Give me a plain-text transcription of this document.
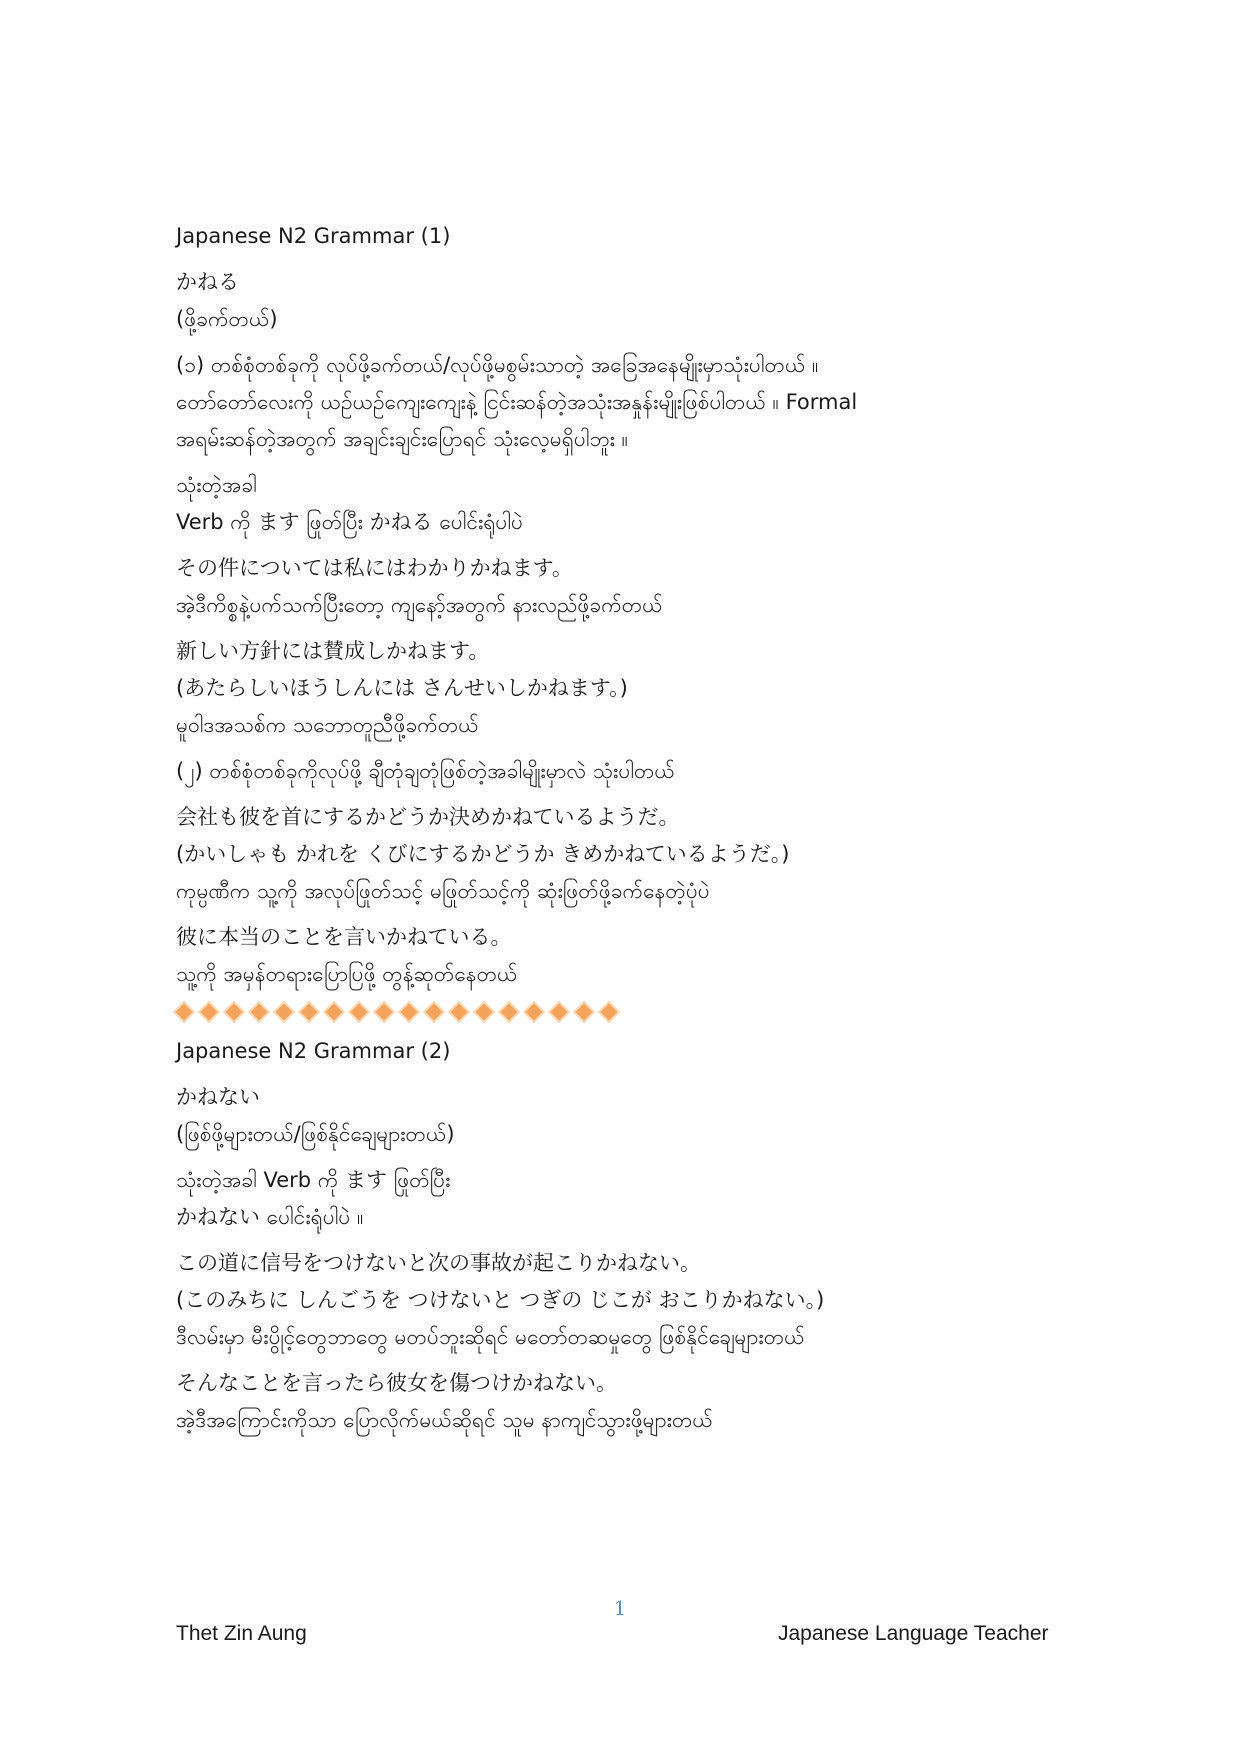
Japanese N2 Grammar (1)
かねる
(ဖို့ခက်တယ်)
(၁) တစ်စုံတစ်ခုကို လုပ်ဖို့ခက်တယ်/လုပ်ဖို့မစွမ်းသာတဲ့ အခြေအနေမျိုးမှာသုံးပါတယ် ။
တော်တော်လေးကို ယဉ်ယဉ်ကျေးကျေးနဲ့ ငြင်းဆန်တဲ့အသုံးအနှုန်းမျိုးဖြစ်ပါတယ် ။ Formal
အရမ်းဆန်တဲ့အတွက် အချင်းချင်းပြောရင် သုံးလေ့မရှိပါဘူး ။
သုံးတဲ့အခါ
Verb ကို ます ဖြုတ်ပြီး かねる ပေါင်းရုံပါပဲ
その件については私にはわかりかねます。
အဲ့ဒီကိစ္စနဲ့ပက်သက်ပြီးတော့ ကျနော့်အတွက် နားလည်ဖို့ခက်တယ်
新しい方針には賛成しかねます。
(あたらしいほうしんには さんせいしかねます。)
မူဝါဒအသစ်က သဘောတူညီဖို့ခက်တယ်
(၂) တစ်စုံတစ်ခုကိုလုပ်ဖို့ ချီတုံချတုံဖြစ်တဲ့အခါမျိုးမှာလဲ သုံးပါတယ်
会社も彼を首にするかどうか決めかねているようだ。
(かいしゃも かれを くびにするかどうか きめかねているようだ。)
ကုမ္ပဏီက သူ့ကို အလုပ်ဖြုတ်သင့် မဖြုတ်သင့်ကို ဆုံးဖြတ်ဖို့ခက်နေတဲ့ပုံပဲ
彼に本当のことを言いかねている。
သူ့ကို အမှန်တရားပြောပြဖို့ တွန့်ဆုတ်နေတယ်
Japanese N2 Grammar (2)
かねない
(ဖြစ်ဖို့များတယ်/ဖြစ်နိုင်ချေများတယ်)
သုံးတဲ့အခါ Verb ကို ます ဖြုတ်ပြီး
かねない ပေါင်းရုံပါပဲ ။
この道に信号をつけないと次の事故が起こりかねない。
(このみちに しんごうを つけないと つぎの じこが おこりかねない。)
ဒီလမ်းမှာ မီးပွိုင့်တွေဘာတွေ မတပ်ဘူးဆိုရင် မတော်တဆမှုတွေ ဖြစ်နိုင်ချေများတယ်
そんなことを言ったら彼女を傷つけかねない。
အဲ့ဒီအကြောင်းကိုသာ ပြောလိုက်မယ်ဆိုရင် သူမ နာကျင်သွားဖို့များတယ်
1
Thet Zin Aung	Japanese Language Teacher
